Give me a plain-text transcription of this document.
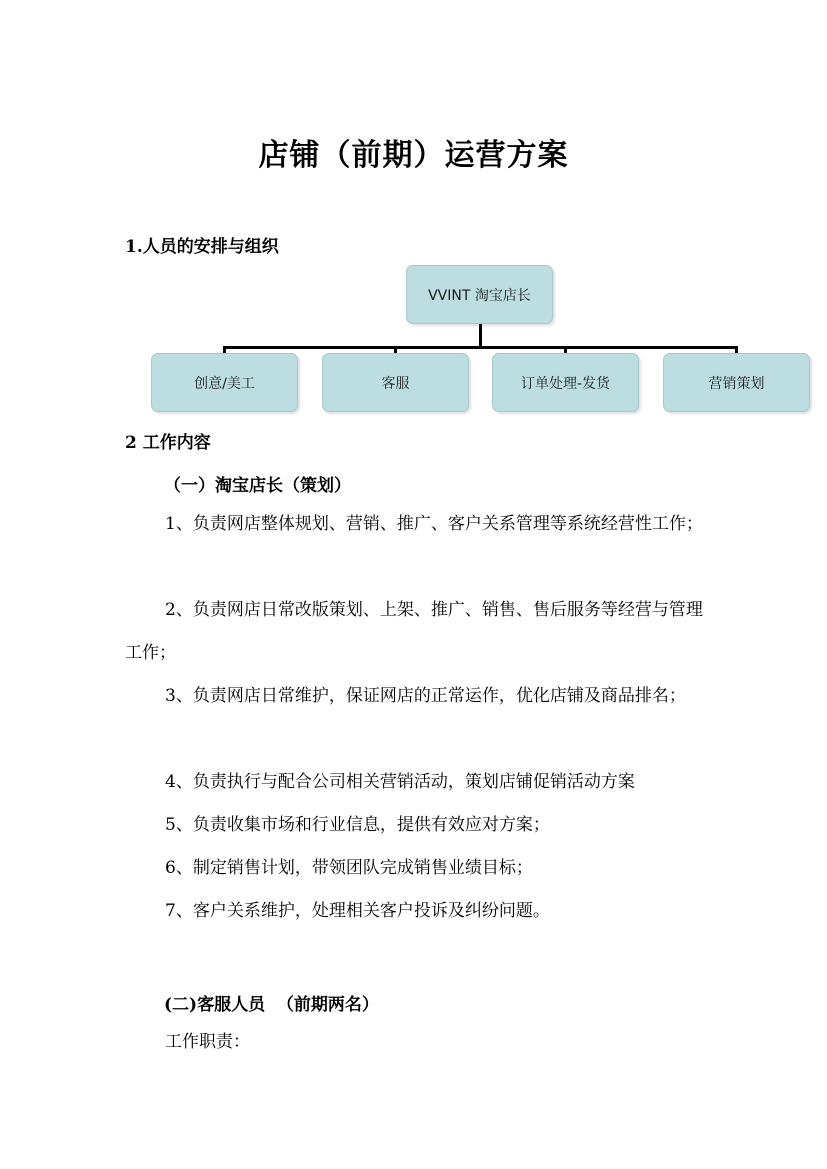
店铺（前期）运营方案
1.人员的安排与组织
VVINT 淘宝店长
创意/美工	客服	订单处理-发货	营销策划
2 工作内容
（一）淘宝店长（策划）
1、负责网店整体规划、营销、推广、客户关系管理等系统经营性工作；
2、负责网店日常改版策划、上架、推广、销售、售后服务等经营与管理工作；
3、负责网店日常维护，保证网店的正常运作，优化店铺及商品排名；
4、负责执行与配合公司相关营销活动，策划店铺促销活动方案
5、负责收集市场和行业信息，提供有效应对方案；
6、制定销售计划，带领团队完成销售业绩目标；
7、客户关系维护，处理相关客户投诉及纠纷问题。
(二)客服人员  （前期两名）
工作职责：
